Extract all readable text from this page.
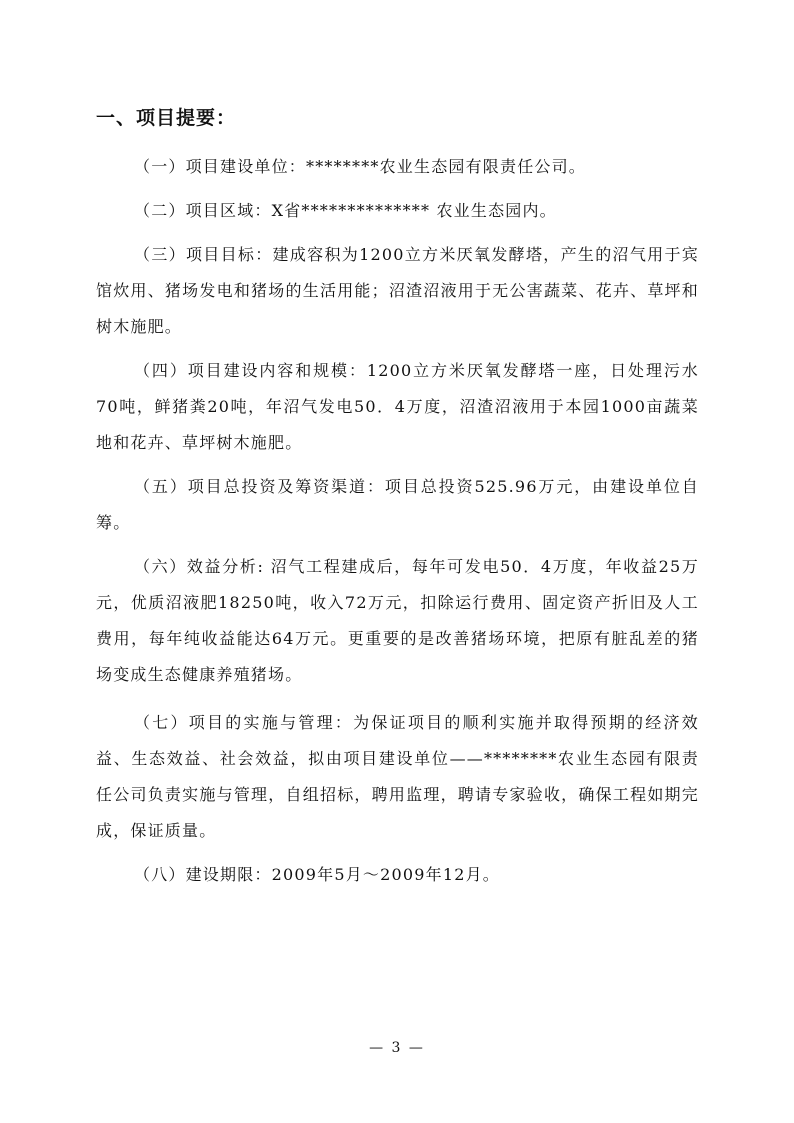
一、项目提要：

（一）项目建设单位：********农业生态园有限责任公司。

（二）项目区域：X省************** 农业生态园内。

（三）项目目标：建成容积为1200立方米厌氧发酵塔，产生的沼气用于宾馆炊用、猪场发电和猪场的生活用能；沼渣沼液用于无公害蔬菜、花卉、草坪和树木施肥。

（四）项目建设内容和规模：1200立方米厌氧发酵塔一座，日处理污水70吨，鲜猪粪20吨，年沼气发电50．4万度，沼渣沼液用于本园1000亩蔬菜地和花卉、草坪树木施肥。

（五）项目总投资及筹资渠道：项目总投资525.96万元，由建设单位自筹。

（六）效益分析: 沼气工程建成后，每年可发电50．4万度，年收益25万元，优质沼液肥18250吨，收入72万元，扣除运行费用、固定资产折旧及人工费用，每年纯收益能达64万元。更重要的是改善猪场环境，把原有脏乱差的猪场变成生态健康养殖猪场。

（七）项目的实施与管理：为保证项目的顺利实施并取得预期的经济效益、生态效益、社会效益，拟由项目建设单位——********农业生态园有限责任公司负责实施与管理，自组招标，聘用监理，聘请专家验收，确保工程如期完成，保证质量。

（八）建设期限：2009年5月～2009年12月。

— 3 —
